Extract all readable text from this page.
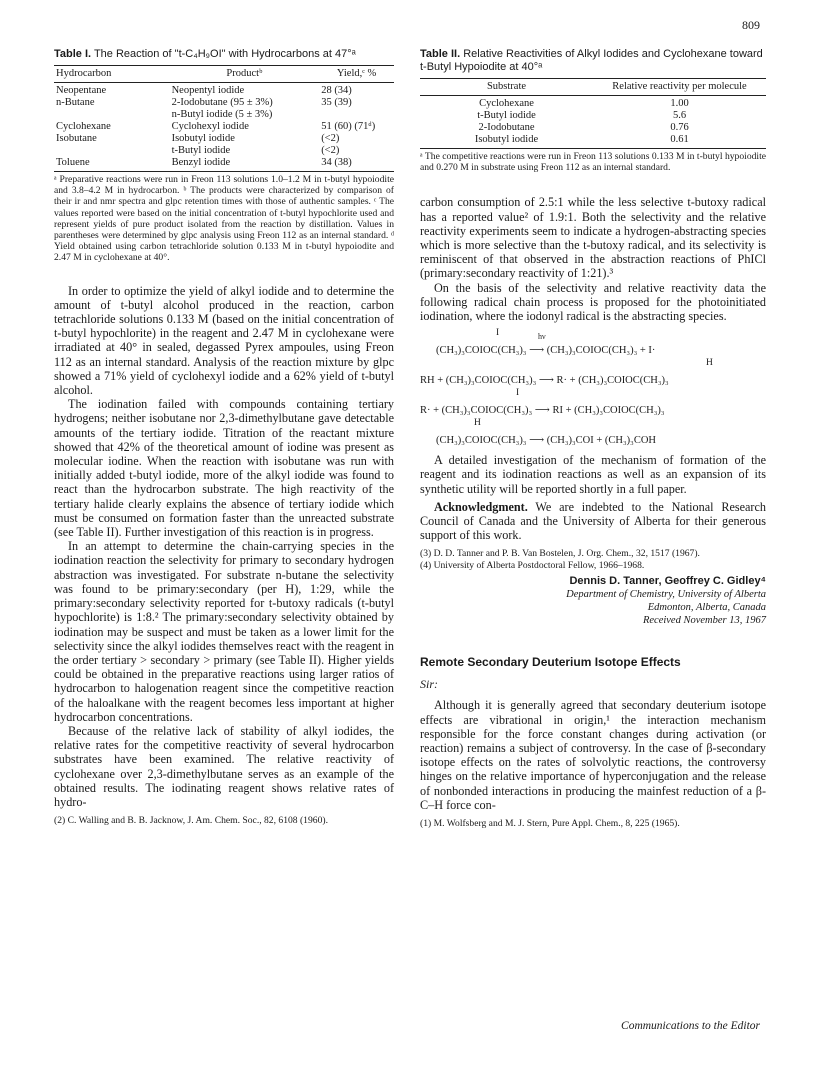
809
Table I. The Reaction of "t-C₄H₉OI" with Hydrocarbons at 47°ᵃ
Hydrocarbon	Productᵇ	Yield,ᶜ %
Neopentane	Neopentyl iodide	28 (34)
n-Butane	2-Iodobutane (95 ± 3%)	35 (39)
	n-Butyl iodide (5 ± 3%)	
Cyclohexane	Cyclohexyl iodide	51 (60) (71ᵈ)
Isobutane	Isobutyl iodide	(<2)
	t-Butyl iodide	(<2)
Toluene	Benzyl iodide	34 (38)
ᵃ Preparative reactions were run in Freon 113 solutions 1.0–1.2 M in t-butyl hypoiodite and 3.8–4.2 M in hydrocarbon. ᵇ The products were characterized by comparison of their ir and nmr spectra and glpc retention times with those of authentic samples. ᶜ The values reported were based on the initial concentration of t-butyl hypochlorite used and represent yields of pure product isolated from the reaction by distillation. Values in parentheses were determined by glpc analysis using Freon 112 as an internal standard. ᵈ Yield obtained using carbon tetrachloride solution 0.133 M in t-butyl hypoiodite and 2.47 M in cyclohexane at 40°.

In order to optimize the yield of alkyl iodide and to determine the amount of t-butyl alcohol produced in the reaction, carbon tetrachloride solutions 0.133 M (based on the initial concentration of t-butyl hypochlorite) in the reagent and 2.47 M in cyclohexane were irradiated at 40° in sealed, degassed Pyrex ampoules, using Freon 112 as an internal standard. Analysis of the reaction mixture by glpc showed a 71% yield of cyclohexyl iodide and a 62% yield of t-butyl alcohol.

The iodination failed with compounds containing tertiary hydrogens; neither isobutane nor 2,3-dimethylbutane gave detectable amounts of the tertiary iodide. Titration of the reactant mixture showed that 42% of the theoretical amount of iodine was present as molecular iodine. When the reaction with isobutane was run with initially added t-butyl iodide, more of the alkyl iodide was found to react than the hydrocarbon substrate. The high reactivity of the tertiary halide clearly explains the absence of tertiary iodide which must be consumed on formation faster than the unreacted substrate (see Table II). Further investigation of this reaction is in progress.

In an attempt to determine the chain-carrying species in the iodination reaction the selectivity for primary to secondary hydrogen abstraction was investigated. For substrate n-butane the selectivity was found to be primary:secondary (per H), 1:29, while the primary:secondary selectivity reported for t-butoxy radicals (t-butyl hypochlorite) is 1:8.² The primary:secondary selectivity obtained by iodination may be suspect and must be taken as a lower limit for the selectivity since the alkyl iodides themselves react with the reagent in the order tertiary > secondary > primary (see Table II). Higher yields could be obtained in the preparative reactions using larger ratios of hydrocarbon to halogenation reagent since the competitive reaction of the haloalkane with the reagent becomes less important at higher hydrocarbon concentrations.

Because of the relative lack of stability of alkyl iodides, the relative rates for the competitive reactivity of several hydrocarbon substrates have been examined. The relative reactivity of cyclohexane over 2,3-dimethylbutane serves as an example of the obtained results. The iodinating reagent shows relative rates of hydro-

(2) C. Walling and B. B. Jacknow, J. Am. Chem. Soc., 82, 6108 (1960).

Table II. Relative Reactivities of Alkyl Iodides and Cyclohexane toward t-Butyl Hypoiodite at 40°ᵃ
Substrate	Relative reactivity per molecule
Cyclohexane	1.00
t-Butyl iodide	5.6
2-Iodobutane	0.76
Isobutyl iodide	0.61
ᵃ The competitive reactions were run in Freon 113 solutions 0.133 M in t-butyl hypoiodite and 0.270 M in substrate using Freon 112 as an internal standard.

carbon consumption of 2.5:1 while the less selective t-butoxy radical has a reported value² of 1.9:1. Both the selectivity and the relative reactivity experiments seem to indicate a hydrogen-abstracting species which is more selective than the t-butoxy radical, and its selectivity is reminiscent of that observed in the abstraction reactions of PhICl (primary:secondary reactivity of 1:21).³

On the basis of the selectivity and relative reactivity data the following radical chain process is proposed for the photoinitiated iodination, where the iodonyl radical is the abstracting species.

I	hν
(CH₃)₃COIOC(CH₃)₃ ⟶ (CH₃)₃COIOC(CH₃)₃ + I·
H
RH + (CH₃)₃COIOC(CH₃)₃ ⟶ R· + (CH₃)₃COIOC(CH₃)₃
I
R· + (CH₃)₃COIOC(CH₃)₃ ⟶ RI + (CH₃)₃COIOC(CH₃)₃
H
(CH₃)₃COIOC(CH₃)₃ ⟶ (CH₃)₃COI + (CH₃)₃COH

A detailed investigation of the mechanism of formation of the reagent and its iodination reactions as well as an expansion of its synthetic utility will be reported shortly in a full paper.

Acknowledgment. We are indebted to the National Research Council of Canada and the University of Alberta for their generous support of this work.

(3) D. D. Tanner and P. B. Van Bostelen, J. Org. Chem., 32, 1517 (1967).

(4) University of Alberta Postdoctoral Fellow, 1966–1968.

Dennis D. Tanner, Geoffrey C. Gidley⁴
Department of Chemistry, University of Alberta
Edmonton, Alberta, Canada
Received November 13, 1967
Remote Secondary Deuterium Isotope Effects
Sir:

Although it is generally agreed that secondary deuterium isotope effects are vibrational in origin,¹ the interaction mechanism responsible for the force constant changes during activation (or reaction) remains a subject of controversy. In the case of β-secondary isotope effects on the rates of solvolytic reactions, the controversy hinges on the relative importance of hyperconjugation and the release of nonbonded interactions in producing the mainfest reduction of a β-C–H force con-

(1) M. Wolfsberg and M. J. Stern, Pure Appl. Chem., 8, 225 (1965).

Communications to the Editor
